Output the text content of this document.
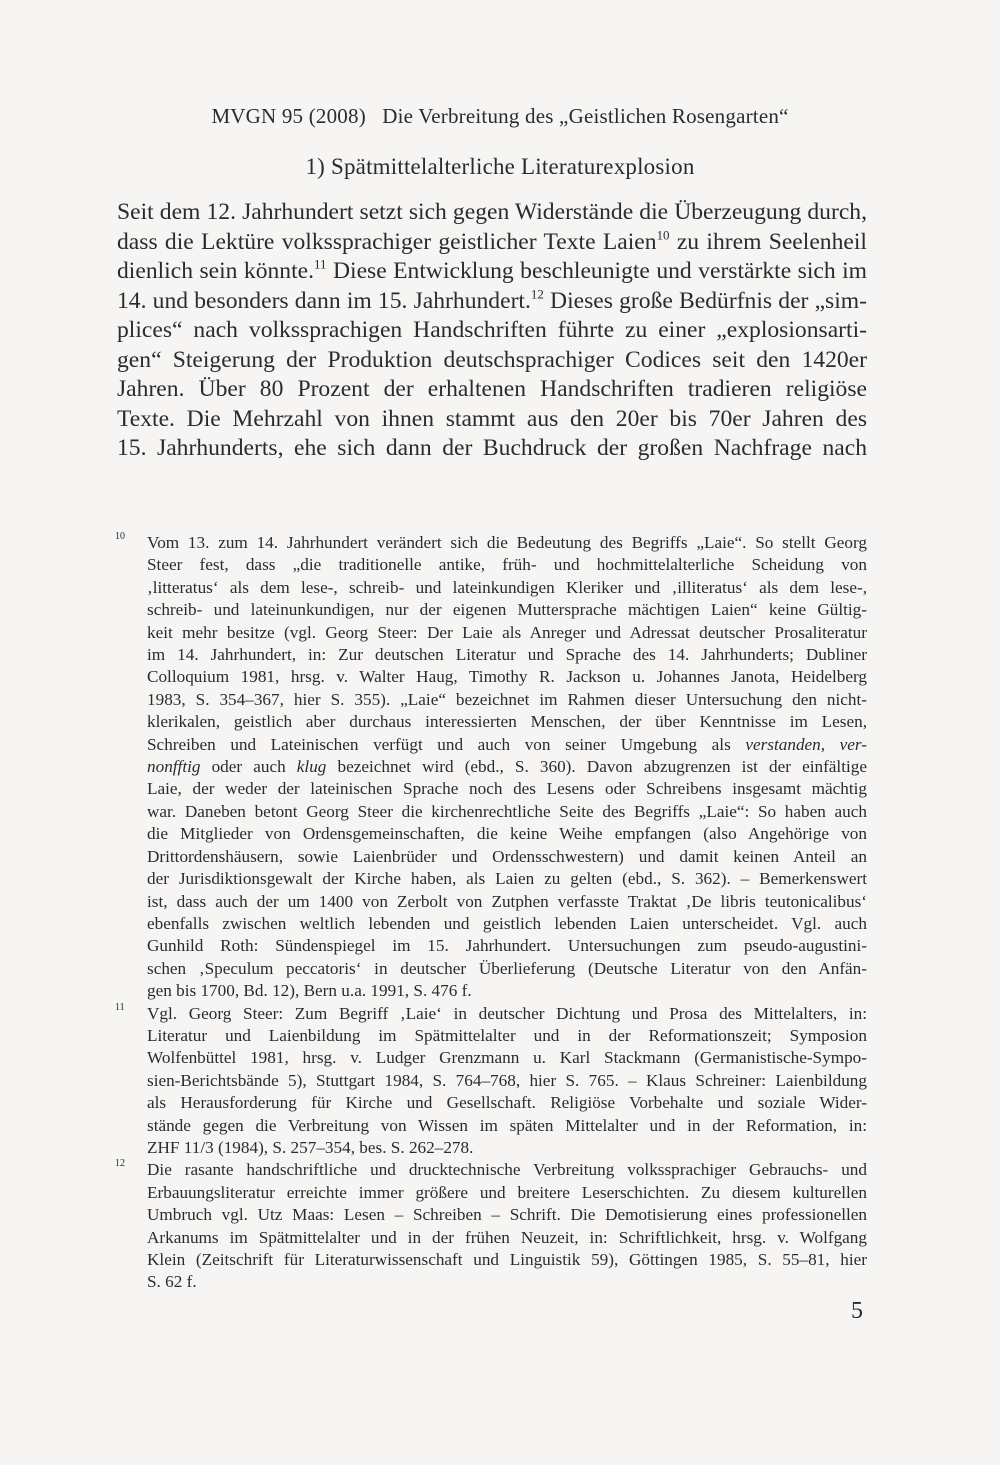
MVGN 95 (2008)   Die Verbreitung des „Geistlichen Rosengarten“
1) Spätmittelalterliche Literaturexplosion
Seit dem 12. Jahrhundert setzt sich gegen Widerstände die Überzeugung durch,
dass die Lektüre volkssprachiger geistlicher Texte Laien$^{10}$ zu ihrem Seelenheil
dienlich sein könnte.$^{11}$ Diese Entwicklung beschleunigte und verstärkte sich im
14. und besonders dann im 15. Jahrhundert.$^{12}$ Dieses große Bedürfnis der „sim-
plices“ nach volkssprachigen Handschriften führte zu einer „explosionsarti-
gen“ Steigerung der Produktion deutschsprachiger Codices seit den 1420er
Jahren. Über 80 Prozent der erhaltenen Handschriften tradieren religiöse
Texte. Die Mehrzahl von ihnen stammt aus den 20er bis 70er Jahren des
15. Jahrhunderts, ehe sich dann der Buchdruck der großen Nachfrage nach
10 Vom 13. zum 14. Jahrhundert verändert sich die Bedeutung des Begriffs „Laie“. So stellt Georg
Steer fest, dass „die traditionelle antike, früh- und hochmittelalterliche Scheidung von
‚litteratus‘ als dem lese-, schreib- und lateinkundigen Kleriker und ‚illiteratus‘ als dem lese-,
schreib- und lateinunkundigen, nur der eigenen Muttersprache mächtigen Laien“ keine Gültig-
keit mehr besitze (vgl. Georg Steer: Der Laie als Anreger und Adressat deutscher Prosaliteratur
im 14. Jahrhundert, in: Zur deutschen Literatur und Sprache des 14. Jahrhunderts; Dubliner
Colloquium 1981, hrsg. v. Walter Haug, Timothy R. Jackson u. Johannes Janota, Heidelberg
1983, S. 354–367, hier S. 355). „Laie“ bezeichnet im Rahmen dieser Untersuchung den nicht-
klerikalen, geistlich aber durchaus interessierten Menschen, der über Kenntnisse im Lesen,
Schreiben und Lateinischen verfügt und auch von seiner Umgebung als verstanden, ver-
nonfftig oder auch klug bezeichnet wird (ebd., S. 360). Davon abzugrenzen ist der einfältige
Laie, der weder der lateinischen Sprache noch des Lesens oder Schreibens insgesamt mächtig
war. Daneben betont Georg Steer die kirchenrechtliche Seite des Begriffs „Laie“: So haben auch
die Mitglieder von Ordensgemeinschaften, die keine Weihe empfangen (also Angehörige von
Drittordenshäusern, sowie Laienbrüder und Ordensschwestern) und damit keinen Anteil an
der Jurisdiktionsgewalt der Kirche haben, als Laien zu gelten (ebd., S. 362). – Bemerkenswert
ist, dass auch der um 1400 von Zerbolt von Zutphen verfasste Traktat ‚De libris teutonicalibus‘
ebenfalls zwischen weltlich lebenden und geistlich lebenden Laien unterscheidet. Vgl. auch
Gunhild Roth: Sündenspiegel im 15. Jahrhundert. Untersuchungen zum pseudo-augustini-
schen ‚Speculum peccatoris‘ in deutscher Überlieferung (Deutsche Literatur von den Anfän-
gen bis 1700, Bd. 12), Bern u.a. 1991, S. 476 f.
11 Vgl. Georg Steer: Zum Begriff ‚Laie‘ in deutscher Dichtung und Prosa des Mittelalters, in:
Literatur und Laienbildung im Spätmittelalter und in der Reformationszeit; Symposion
Wolfenbüttel 1981, hrsg. v. Ludger Grenzmann u. Karl Stackmann (Germanistische-Sympo-
sien-Berichtsbände 5), Stuttgart 1984, S. 764–768, hier S. 765. – Klaus Schreiner: Laienbildung
als Herausforderung für Kirche und Gesellschaft. Religiöse Vorbehalte und soziale Wider-
stände gegen die Verbreitung von Wissen im späten Mittelalter und in der Reformation, in:
ZHF 11/3 (1984), S. 257–354, bes. S. 262–278.
12 Die rasante handschriftliche und drucktechnische Verbreitung volkssprachiger Gebrauchs- und
Erbauungsliteratur erreichte immer größere und breitere Leserschichten. Zu diesem kulturellen
Umbruch vgl. Utz Maas: Lesen – Schreiben – Schrift. Die Demotisierung eines professionellen
Arkanums im Spätmittelalter und in der frühen Neuzeit, in: Schriftlichkeit, hrsg. v. Wolfgang
Klein (Zeitschrift für Literaturwissenschaft und Linguistik 59), Göttingen 1985, S. 55–81, hier
S. 62 f.
5
